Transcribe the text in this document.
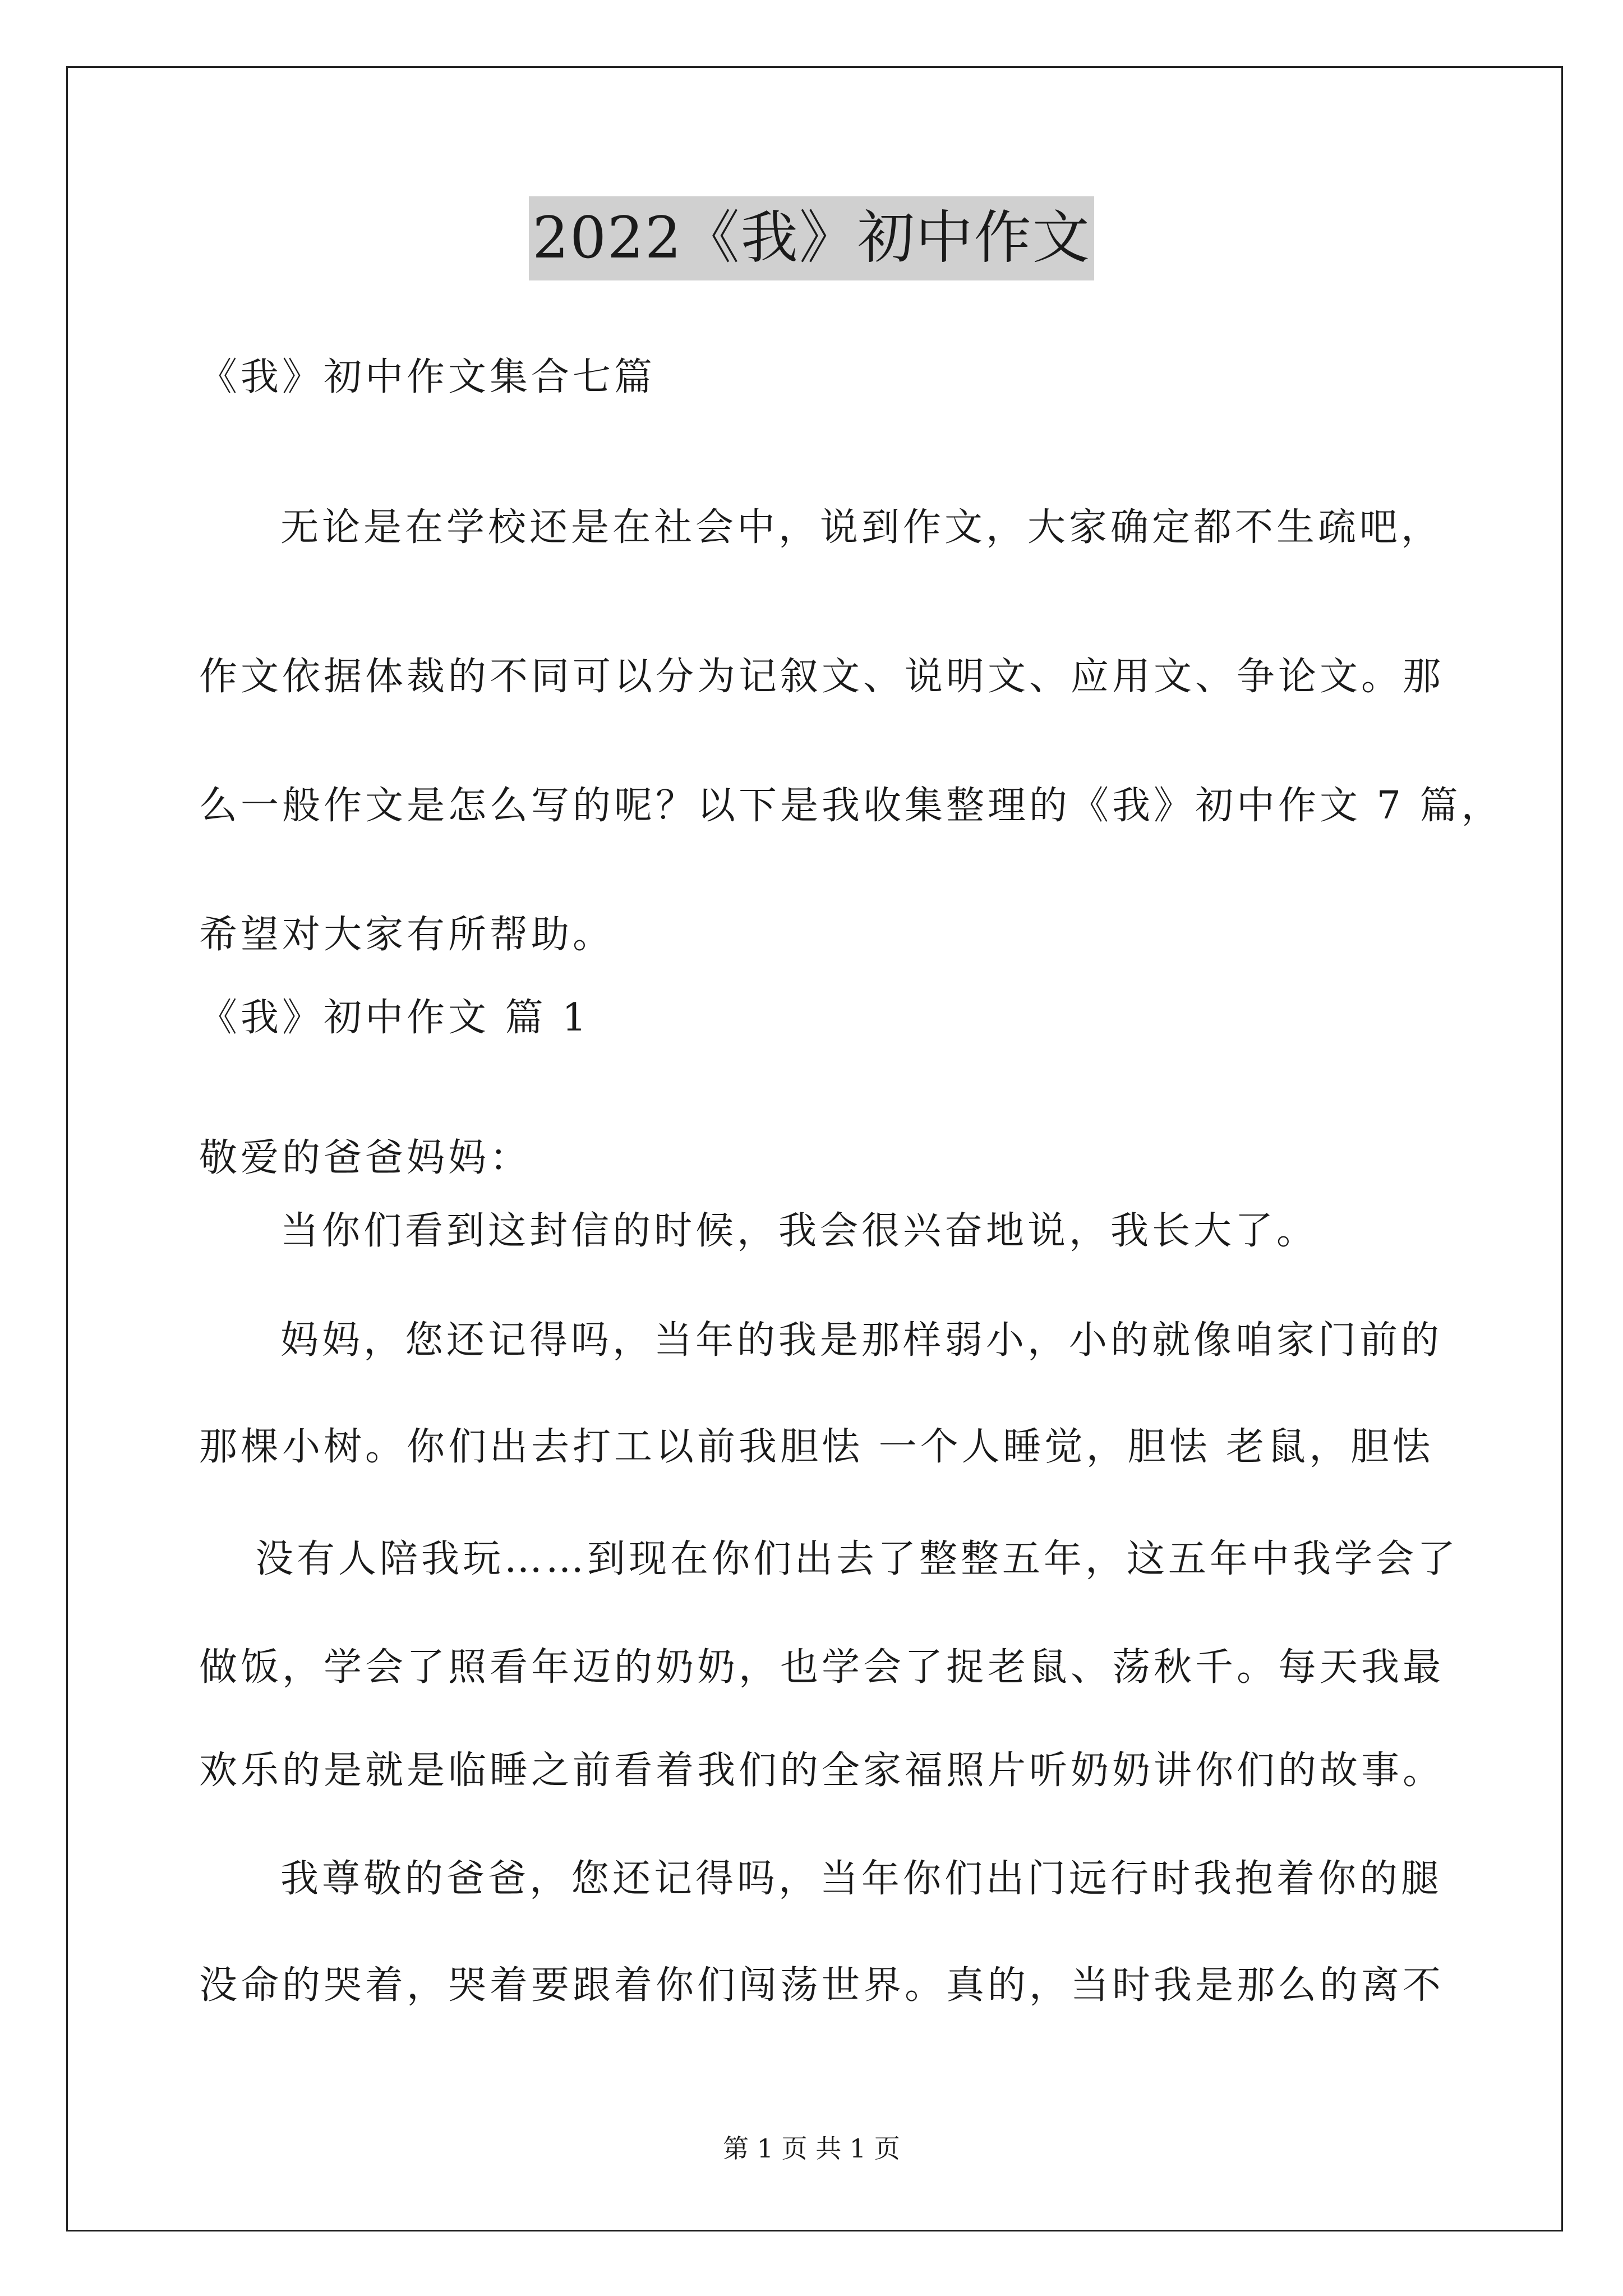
2022《我》初中作文
《我》初中作文集合七篇
无论是在学校还是在社会中，说到作文，大家确定都不生疏吧，
作文依据体裁的不同可以分为记叙文、说明文、应用文、争论文。那
么一般作文是怎么写的呢？以下是我收集整理的《我》初中作文 7 篇，
希望对大家有所帮助。
《我》初中作文 篇 1
敬爱的爸爸妈妈：
当你们看到这封信的时候，我会很兴奋地说，我长大了。
妈妈，您还记得吗，当年的我是那样弱小，小的就像咱家门前的
那棵小树。你们出去打工以前我胆怯 一个人睡觉，胆怯 老鼠，胆怯
没有人陪我玩……到现在你们出去了整整五年，这五年中我学会了
做饭，学会了照看年迈的奶奶，也学会了捉老鼠、荡秋千。每天我最
欢乐的是就是临睡之前看着我们的全家福照片听奶奶讲你们的故事。
我尊敬的爸爸，您还记得吗，当年你们出门远行时我抱着你的腿
没命的哭着，哭着要跟着你们闯荡世界。真的，当时我是那么的离不
第 1 页 共 1 页
